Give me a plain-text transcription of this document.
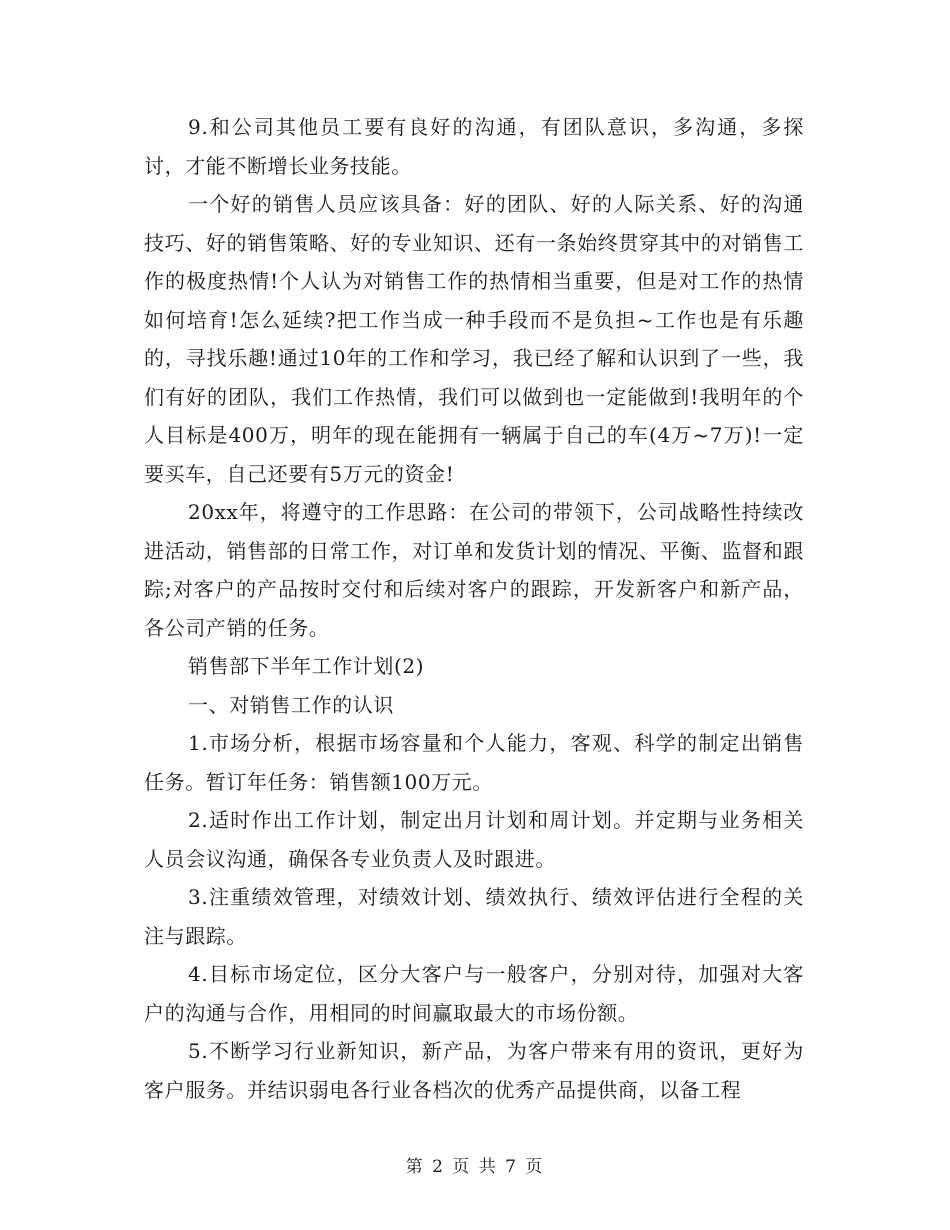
9.和公司其他员工要有良好的沟通，有团队意识，多沟通，多探讨，才能不断增长业务技能。

一个好的销售人员应该具备：好的团队、好的人际关系、好的沟通技巧、好的销售策略、好的专业知识、还有一条始终贯穿其中的对销售工作的极度热情!个人认为对销售工作的热情相当重要，但是对工作的热情如何培育!怎么延续?把工作当成一种手段而不是负担~工作也是有乐趣的，寻找乐趣!通过10年的工作和学习，我已经了解和认识到了一些，我们有好的团队，我们工作热情，我们可以做到也一定能做到!我明年的个人目标是400万，明年的现在能拥有一辆属于自己的车(4万~7万)!一定要买车，自己还要有5万元的资金!

20xx年，将遵守的工作思路：在公司的带领下，公司战略性持续改进活动，销售部的日常工作，对订单和发货计划的情况、平衡、监督和跟踪;对客户的产品按时交付和后续对客户的跟踪，开发新客户和新产品，各公司产销的任务。

销售部下半年工作计划(2)

一、对销售工作的认识

1.市场分析，根据市场容量和个人能力，客观、科学的制定出销售任务。暂订年任务：销售额100万元。

2.适时作出工作计划，制定出月计划和周计划。并定期与业务相关人员会议沟通，确保各专业负责人及时跟进。

3.注重绩效管理，对绩效计划、绩效执行、绩效评估进行全程的关注与跟踪。

4.目标市场定位，区分大客户与一般客户，分别对待，加强对大客户的沟通与合作，用相同的时间赢取最大的市场份额。

5.不断学习行业新知识，新产品，为客户带来有用的资讯，更好为客户服务。并结识弱电各行业各档次的优秀产品提供商，以备工程

第 2 页 共 7 页
